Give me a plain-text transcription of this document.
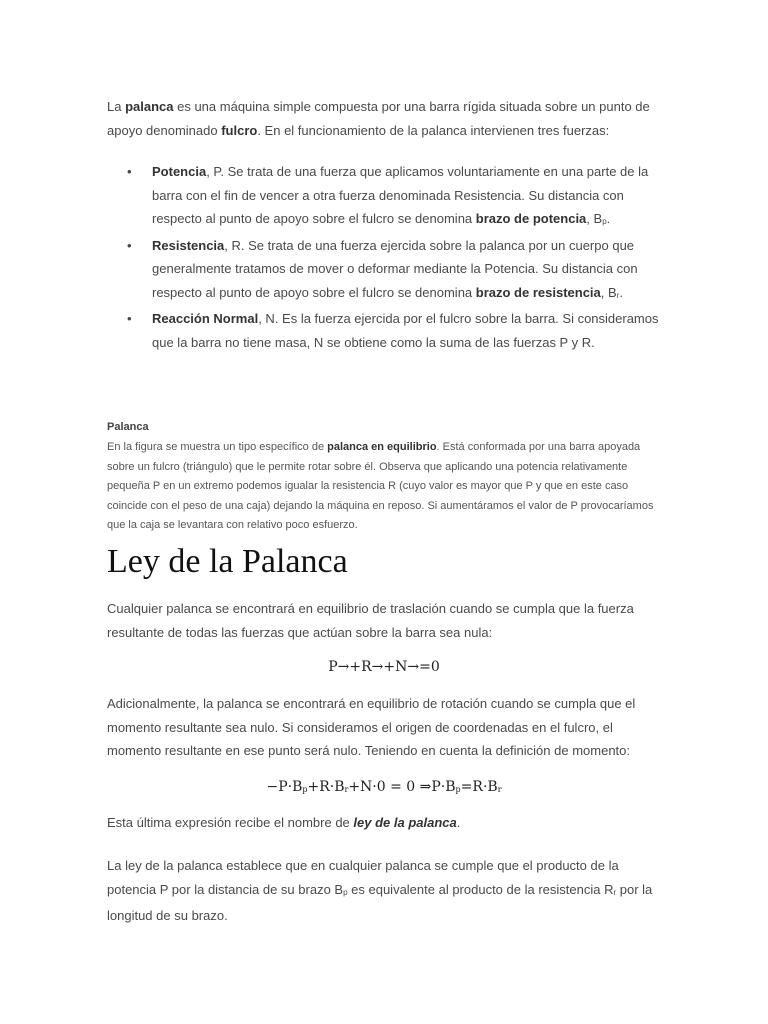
La palanca es una máquina simple compuesta por una barra rígida situada sobre un punto de apoyo denominado fulcro. En el funcionamiento de la palanca intervienen tres fuerzas:

• Potencia, P. Se trata de una fuerza que aplicamos voluntariamente en una parte de la barra con el fin de vencer a otra fuerza denominada Resistencia. Su distancia con respecto al punto de apoyo sobre el fulcro se denomina brazo de potencia, $B_p$.
• Resistencia, R. Se trata de una fuerza ejercida sobre la palanca por un cuerpo que generalmente tratamos de mover o deformar mediante la Potencia. Su distancia con respecto al punto de apoyo sobre el fulcro se denomina brazo de resistencia, $B_r$.
• Reacción Normal, N. Es la fuerza ejercida por el fulcro sobre la barra. Si consideramos que la barra no tiene masa, N se obtiene como la suma de las fuerzas P y R.
Palanca

En la figura se muestra un tipo específico de palanca en equilibrio. Está conformada por una barra apoyada sobre un fulcro (triángulo) que le permite rotar sobre él. Observa que aplicando una potencia relativamente pequeña P en un extremo podemos igualar la resistencia R (cuyo valor es mayor que P y que en este caso coincide con el peso de una caja) dejando la máquina en reposo. Si aumentáramos el valor de P provocaríamos que la caja se levantara con relativo poco esfuerzo.

Ley de la Palanca

Cualquier palanca se encontrará en equilibrio de traslación cuando se cumpla que la fuerza resultante de todas las fuerzas que actúan sobre la barra sea nula:

P→+R→+N→=0

Adicionalmente, la palanca se encontrará en equilibrio de rotación cuando se cumpla que el momento resultante sea nulo. Si consideramos el origen de coordenadas en el fulcro, el momento resultante en ese punto será nulo. Teniendo en cuenta la definición de momento:

$-P\cdot B_p+R\cdot B_r+N\cdot 0 = 0$ $\Rightarrow P\cdot B_p=R\cdot B_r$

Esta última expresión recibe el nombre de ley de la palanca.

La ley de la palanca establece que en cualquier palanca se cumple que el producto de la potencia P por la distancia de su brazo $B_p$ es equivalente al producto de la resistencia $R_r$ por la longitud de su brazo.
